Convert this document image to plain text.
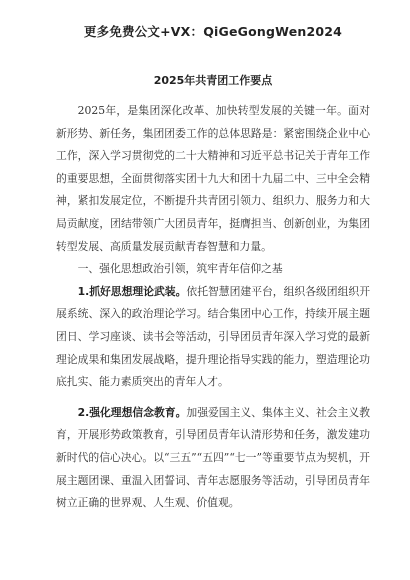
更多免费公文+VX：QiGeGongWen2024
2025年共青团工作要点

2025年，是集团深化改革、加快转型发展的关键一年。面对新形势、新任务，集团团委工作的总体思路是：紧密围绕企业中心工作，深入学习贯彻党的二十大精神和习近平总书记关于青年工作的重要思想，全面贯彻落实团十九大和团十九届二中、三中全会精神，紧扣发展定位，不断提升共青团引领力、组织力、服务力和大局贡献度，团结带领广大团员青年，挺膺担当、创新创业，为集团转型发展、高质量发展贡献青春智慧和力量。

一、强化思想政治引领，筑牢青年信仰之基

1.抓好思想理论武装。依托智慧团建平台，组织各级团组织开展系统、深入的政治理论学习。结合集团中心工作，持续开展主题团日、学习座谈、读书会等活动，引导团员青年深入学习党的最新理论成果和集团发展战略，提升理论指导实践的能力，塑造理论功底扎实、能力素质突出的青年人才。

2.强化理想信念教育。加强爱国主义、集体主义、社会主义教育，开展形势政策教育，引导团员青年认清形势和任务，激发建功新时代的信心决心。以“三五”“五四”“七一”等重要节点为契机，开展主题团课、重温入团誓词、青年志愿服务等活动，引导团员青年树立正确的世界观、人生观、价值观。
